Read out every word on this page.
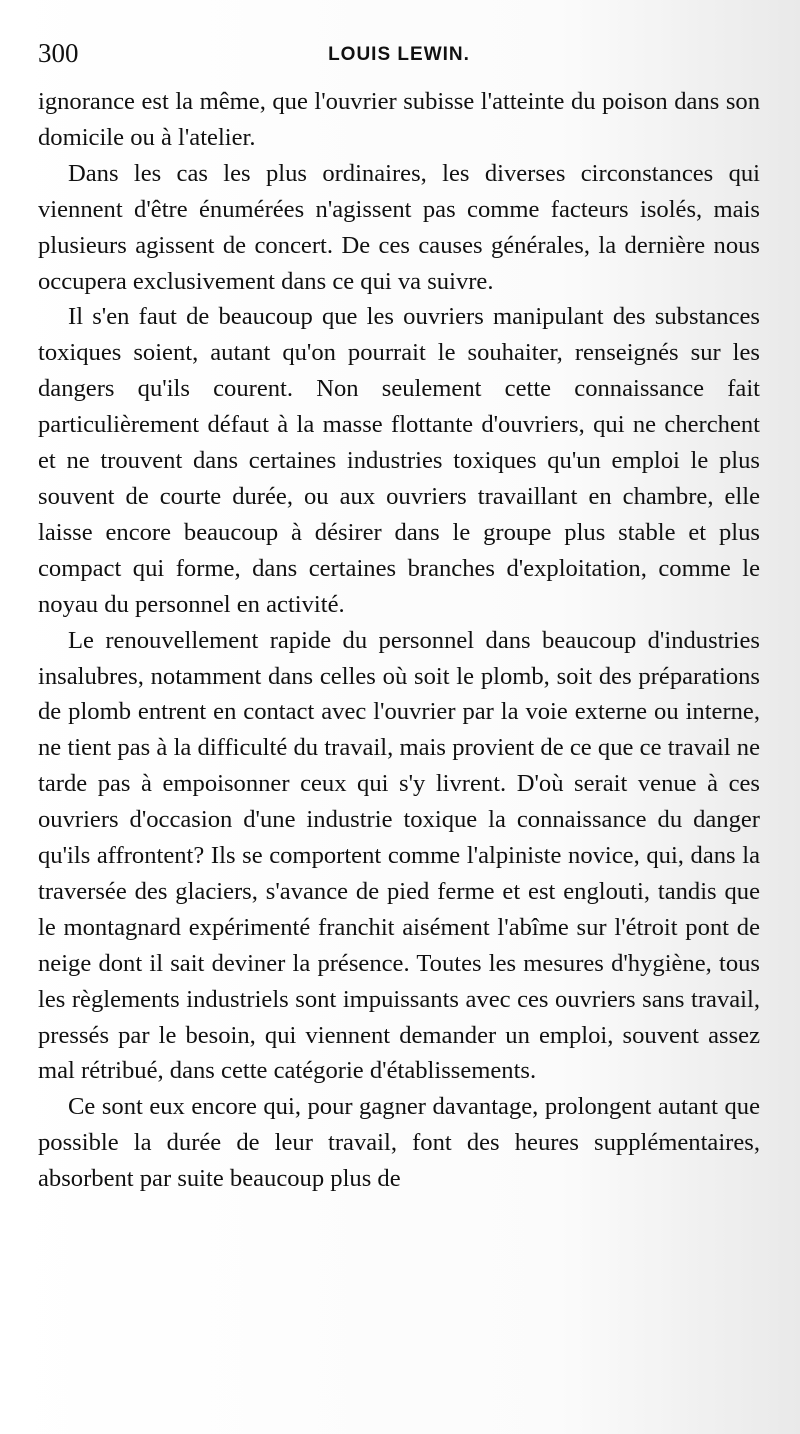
300	LOUIS LEWIN.

ignorance est la même, que l'ouvrier subisse l'atteinte du poison dans son domicile ou à l'atelier.

Dans les cas les plus ordinaires, les diverses circonstances qui viennent d'être énumérées n'agissent pas comme facteurs isolés, mais plusieurs agissent de concert. De ces causes générales, la dernière nous occupera exclusivement dans ce qui va suivre.

Il s'en faut de beaucoup que les ouvriers manipulant des substances toxiques soient, autant qu'on pourrait le souhaiter, renseignés sur les dangers qu'ils courent. Non seulement cette connaissance fait particulièrement défaut à la masse flottante d'ouvriers, qui ne cherchent et ne trouvent dans certaines industries toxiques qu'un emploi le plus souvent de courte durée, ou aux ouvriers travaillant en chambre, elle laisse encore beaucoup à désirer dans le groupe plus stable et plus compact qui forme, dans certaines branches d'exploitation, comme le noyau du personnel en activité.

Le renouvellement rapide du personnel dans beaucoup d'industries insalubres, notamment dans celles où soit le plomb, soit des préparations de plomb entrent en contact avec l'ouvrier par la voie externe ou interne, ne tient pas à la difficulté du travail, mais provient de ce que ce travail ne tarde pas à empoisonner ceux qui s'y livrent. D'où serait venue à ces ouvriers d'occasion d'une industrie toxique la connaissance du danger qu'ils affrontent? Ils se comportent comme l'alpiniste novice, qui, dans la traversée des glaciers, s'avance de pied ferme et est englouti, tandis que le montagnard expérimenté franchit aisément l'abîme sur l'étroit pont de neige dont il sait deviner la présence. Toutes les mesures d'hygiène, tous les règlements industriels sont impuissants avec ces ouvriers sans travail, pressés par le besoin, qui viennent demander un emploi, souvent assez mal rétribué, dans cette catégorie d'établissements.

Ce sont eux encore qui, pour gagner davantage, prolongent autant que possible la durée de leur travail, font des heures supplémentaires, absorbent par suite beaucoup plus de
